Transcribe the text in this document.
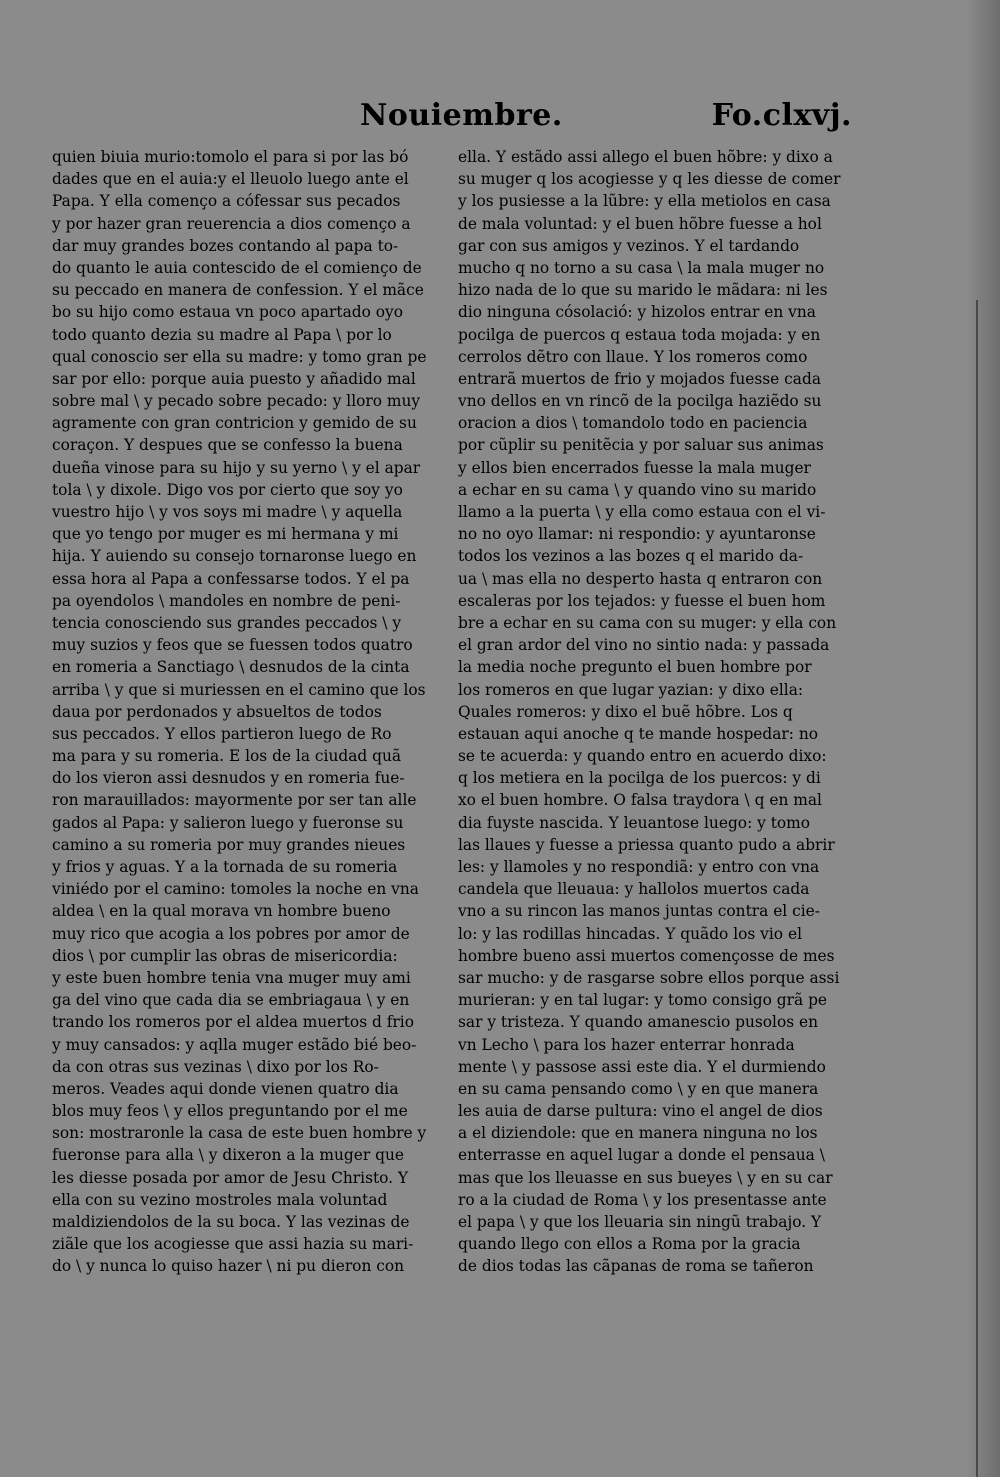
Nouiembre.	Fo.clxvj.
quien biuia murio:tomolo el para si por las bó
dades que en el auia:y el lleuolo luego ante el
Papa. Y ella començo a cófessar sus pecados
y por hazer gran reuerencia a dios començo a
dar muy grandes bozes contando al papa to-
do quanto le auia contescido de el comienço de
su peccado en manera de confession. Y el mãce
bo su hijo como estaua vn poco apartado oyo
todo quanto dezia su madre al Papa \ por lo
qual conoscio ser ella su madre: y tomo gran pe
sar por ello: porque auia puesto y añadido mal
sobre mal \ y pecado sobre pecado: y lloro muy
agramente con gran contricion y gemido de su
coraçon. Y despues que se confesso la buena
dueña vinose para su hijo y su yerno \ y el apar
tola \ y dixole. Digo vos por cierto que soy yo
vuestro hijo \ y vos soys mi madre \ y aquella
que yo tengo por muger es mi hermana y mi
hija. Y auiendo su consejo tornaronse luego en
essa hora al Papa a confessarse todos. Y el pa
pa oyendolos \ mandoles en nombre de peni-
tencia conosciendo sus grandes peccados \ y
muy suzios y feos que se fuessen todos quatro
en romeria a Sanctiago \ desnudos de la cinta
arriba \ y que si muriessen en el camino que los
daua por perdonados y absueltos de todos
sus peccados. Y ellos partieron luego de Ro
ma para y su romeria. E los de la ciudad quã
do los vieron assi desnudos y en romeria fue-
ron marauillados: mayormente por ser tan alle
gados al Papa: y salieron luego y fueronse su
camino a su romeria por muy grandes nieues
y frios y aguas. Y a la tornada de su romeria
viniédo por el camino: tomoles la noche en vna
aldea \ en la qual morava vn hombre bueno
muy rico que acogia a los pobres por amor de
dios \ por cumplir las obras de misericordia:
y este buen hombre tenia vna muger muy ami
ga del vino que cada dia se embriagaua \ y en
trando los romeros por el aldea muertos d frio
y muy cansados: y aqlla muger estãdo bié beo-
da con otras sus vezinas \ dixo por los Ro-
meros. Veades aqui donde vienen quatro dia
blos muy feos \ y ellos preguntando por el me
son: mostraronle la casa de este buen hombre y
fueronse para alla \ y dixeron a la muger que
les diesse posada por amor de Jesu Christo. Y
ella con su vezino mostroles mala voluntad
maldiziendolos de la su boca. Y las vezinas de
ziãle que los acogiesse que assi hazia su mari-
do \ y nunca lo quiso hazer \ ni pu dieron con
ella. Y estãdo assi allego el buen hõbre: y dixo a
su muger q los acogiesse y q les diesse de comer
y los pusiesse a la lũbre: y ella metiolos en casa
de mala voluntad: y el buen hõbre fuesse a hol
gar con sus amigos y vezinos. Y el tardando
mucho q no torno a su casa \ la mala muger no
hizo nada de lo que su marido le mãdara: ni les
dio ninguna cósolació: y hizolos entrar en vna
pocilga de puercos q estaua toda mojada: y en
cerrolos dẽtro con llaue. Y los romeros como
entrarã muertos de frio y mojados fuesse cada
vno dellos en vn rincõ de la pocilga haziẽdo su
oracion a dios \ tomandolo todo en paciencia
por cũplir su penitẽcia y por saluar sus animas
y ellos bien encerrados fuesse la mala muger
a echar en su cama \ y quando vino su marido
llamo a la puerta \ y ella como estaua con el vi-
no no oyo llamar: ni respondio: y ayuntaronse
todos los vezinos a las bozes q el marido da-
ua \ mas ella no desperto hasta q entraron con
escaleras por los tejados: y fuesse el buen hom
bre a echar en su cama con su muger: y ella con
el gran ardor del vino no sintio nada: y passada
la media noche pregunto el buen hombre por
los romeros en que lugar yazian: y dixo ella:
Quales romeros: y dixo el buẽ hõbre. Los q
estauan aqui anoche q te mande hospedar: no
se te acuerda: y quando entro en acuerdo dixo:
q los metiera en la pocilga de los puercos: y di
xo el buen hombre. O falsa traydora \ q en mal
dia fuyste nascida. Y leuantose luego: y tomo
las llaues y fuesse a priessa quanto pudo a abrir
les: y llamoles y no respondiã: y entro con vna
candela que lleuaua: y hallolos muertos cada
vno a su rincon las manos juntas contra el cie-
lo: y las rodillas hincadas. Y quãdo los vio el
hombre bueno assi muertos començosse de mes
sar mucho: y de rasgarse sobre ellos porque assi
murieran: y en tal lugar: y tomo consigo grã pe
sar y tristeza. Y quando amanescio pusolos en
vn Lecho \ para los hazer enterrar honrada
mente \ y passose assi este dia. Y el durmiendo
en su cama pensando como \ y en que manera
les auia de darse pultura: vino el angel de dios
a el diziendole: que en manera ninguna no los
enterrasse en aquel lugar a donde el pensaua \
mas que los lleuasse en sus bueyes \ y en su car
ro a la ciudad de Roma \ y los presentasse ante
el papa \ y que los lleuaria sin ningũ trabajo. Y
quando llego con ellos a Roma por la gracia
de dios todas las cãpanas de roma se tañeron
